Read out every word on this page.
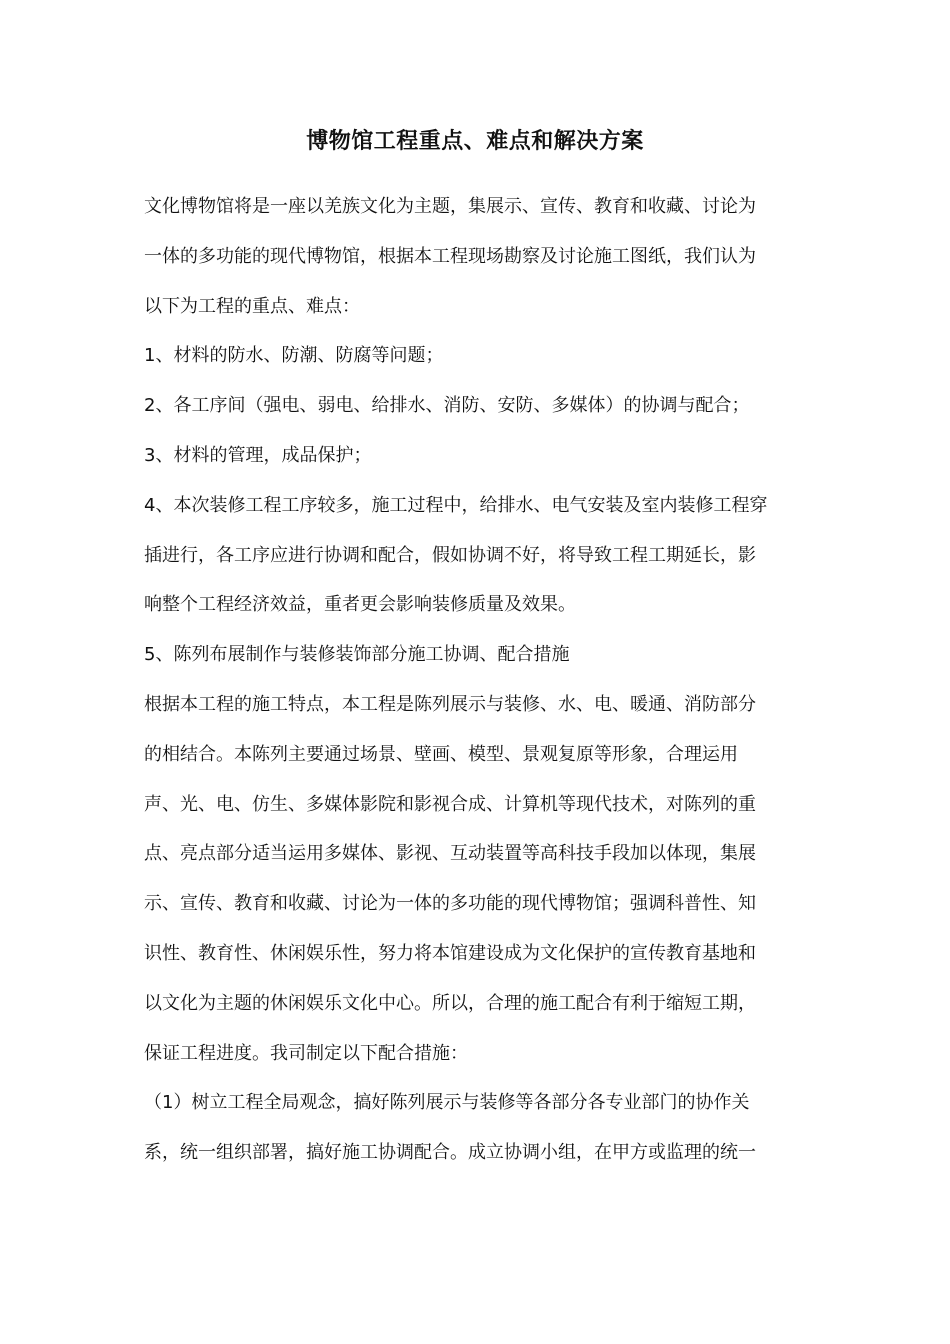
博物馆工程重点、难点和解决方案
文化博物馆将是一座以羌族文化为主题，集展示、宣传、教育和收藏、讨论为
一体的多功能的现代博物馆，根据本工程现场勘察及讨论施工图纸，我们认为
以下为工程的重点、难点：
1、材料的防水、防潮、防腐等问题；
2、各工序间（强电、弱电、给排水、消防、安防、多媒体）的协调与配合；
3、材料的管理，成品保护；
4、本次装修工程工序较多，施工过程中，给排水、电气安装及室内装修工程穿
插进行，各工序应进行协调和配合，假如协调不好，将导致工程工期延长，影
响整个工程经济效益，重者更会影响装修质量及效果。
5、陈列布展制作与装修装饰部分施工协调、配合措施
根据本工程的施工特点，本工程是陈列展示与装修、水、电、暖通、消防部分
的相结合。本陈列主要通过场景、壁画、模型、景观复原等形象，合理运用
声、光、电、仿生、多媒体影院和影视合成、计算机等现代技术，对陈列的重
点、亮点部分适当运用多媒体、影视、互动装置等高科技手段加以体现，集展
示、宣传、教育和收藏、讨论为一体的多功能的现代博物馆；强调科普性、知
识性、教育性、休闲娱乐性，努力将本馆建设成为文化保护的宣传教育基地和
以文化为主题的休闲娱乐文化中心。所以，合理的施工配合有利于缩短工期，
保证工程进度。我司制定以下配合措施：
（1）树立工程全局观念，搞好陈列展示与装修等各部分各专业部门的协作关
系，统一组织部署，搞好施工协调配合。成立协调小组，在甲方或监理的统一
